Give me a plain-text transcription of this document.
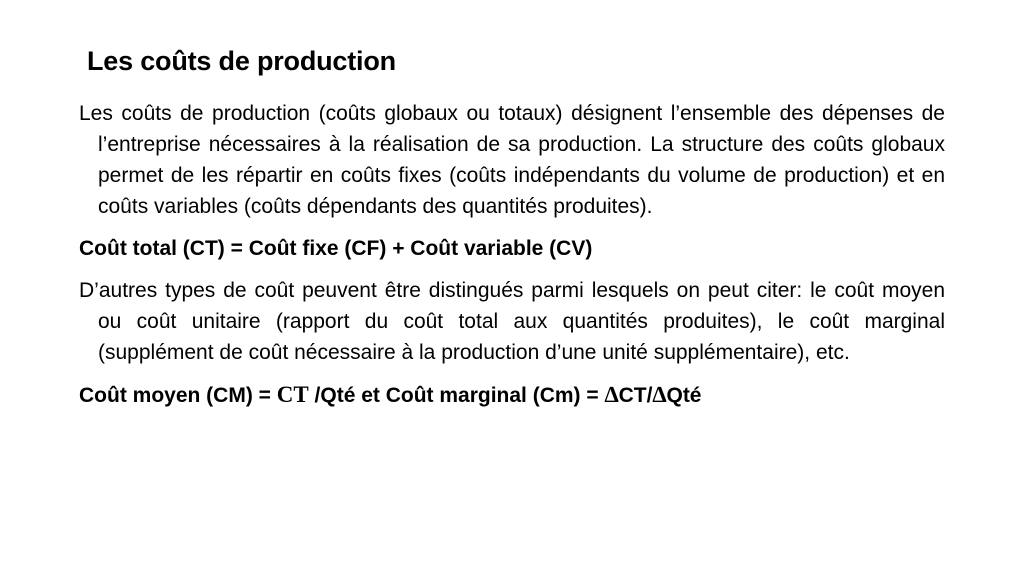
Les coûts de production

Les coûts de production (coûts globaux ou totaux) désignent l’ensemble des dépenses de l’entreprise nécessaires à la réalisation de sa production. La structure des coûts globaux permet de les répartir en coûts fixes (coûts indépendants du volume de production) et en coûts variables (coûts dépendants des quantités produites).

Coût total (CT) = Coût fixe (CF) + Coût variable (CV)

D’autres types de coût peuvent être distingués parmi lesquels on peut citer: le coût moyen ou coût unitaire (rapport du coût total aux quantités produites), le coût marginal (supplément de coût nécessaire à la production d’une unité supplémentaire), etc.

Coût moyen (CM) = CT /Qté et Coût marginal (Cm) = ∆CT/∆Qté
